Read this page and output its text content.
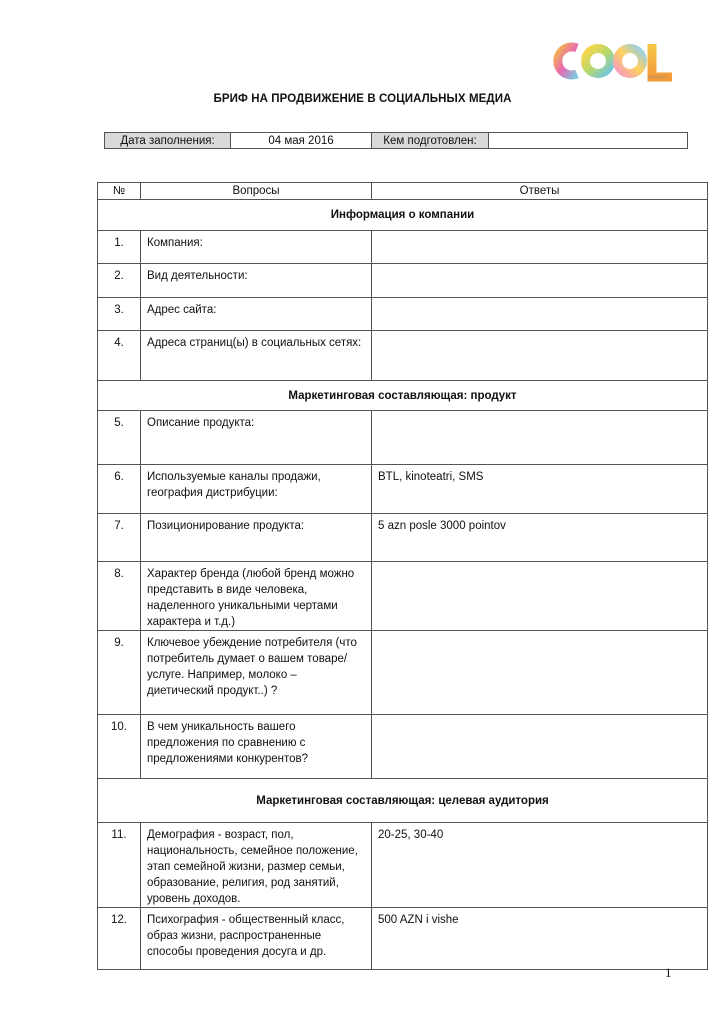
AGENCY
БРИФ НА ПРОДВИЖЕНИЕ В СОЦИАЛЬНЫХ МЕДИА
Дата заполнения:	04 мая 2016	Кем подготовлен:	
№	Вопросы	Ответы
Информация о компании		
1.	Компания:	
2.	Вид деятельности:	
3.	Адрес сайта:	
4.	Адреса страниц(ы) в социальных сетях:	
Маркетинговая составляющая: продукт		
5.	Описание продукта:	
6.	Используемые каналы продажи, география дистрибуции:	BTL, kinoteatri, SMS
7.	Позиционирование продукта:	5 azn posle 3000 pointov
8.	Характер бренда (любой бренд можно представить в виде человека, наделенного уникальными чертами характера и т.д.)	
9.	Ключевое убеждение потребителя (что потребитель думает о вашем товаре/услуге. Например, молоко – диетический продукт..) ?	
10.	В чем уникальность вашего предложения по сравнению с предложениями конкурентов?	
Маркетинговая составляющая: целевая аудитория		
11.	Демография - возраст, пол, национальность, семейное положение, этап семейной жизни, размер семьи, образование, религия, род занятий, уровень доходов.	20-25, 30-40
12.	Психография - общественный класс, образ жизни, распространенные способы проведения досуга и др.	500 AZN i vishe
1
